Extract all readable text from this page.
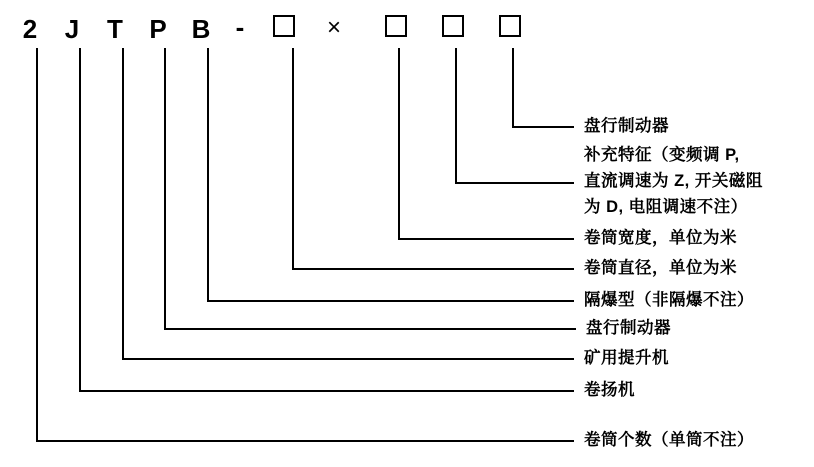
2 J T P B -	×
盘行制动器
补充特征（变频调 P,
直流调速为 Z, 开关磁阻
为 D, 电阻调速不注）
卷筒宽度，单位为米
卷筒直径，单位为米
隔爆型（非隔爆不注）
盘行制动器
矿用提升机
卷扬机
卷筒个数（单筒不注）
